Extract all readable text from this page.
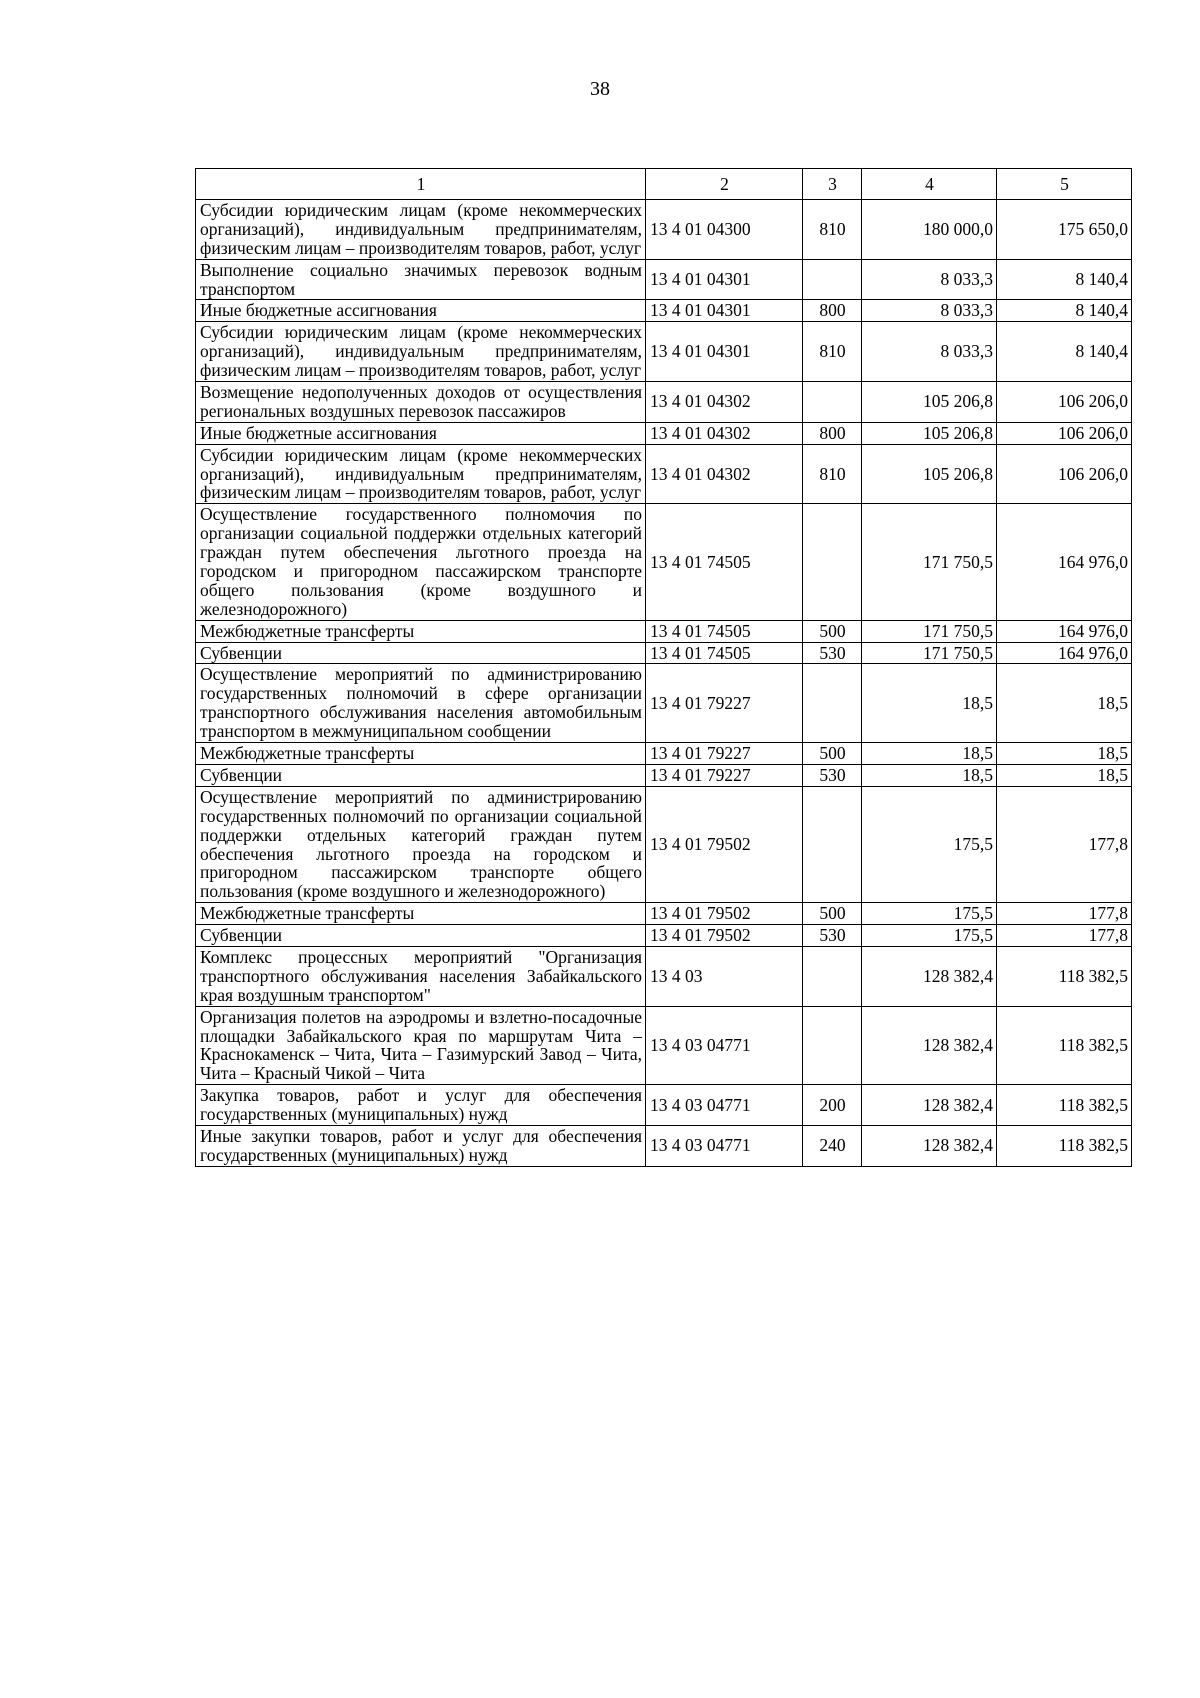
38
1	2	3	4	5
Субсидии юридическим лицам (кроме некоммерческих организаций), индивидуальным предпринимателям, физическим лицам – производителям товаров, работ, услуг	13 4 01 04300	810	180 000,0	175 650,0
Выполнение социально значимых перевозок водным транспортом	13 4 01 04301		8 033,3	8 140,4
Иные бюджетные ассигнования	13 4 01 04301	800	8 033,3	8 140,4
Субсидии юридическим лицам (кроме некоммерческих организаций), индивидуальным предпринимателям, физическим лицам – производителям товаров, работ, услуг	13 4 01 04301	810	8 033,3	8 140,4
Возмещение недополученных доходов от осуществления региональных воздушных перевозок пассажиров	13 4 01 04302		105 206,8	106 206,0
Иные бюджетные ассигнования	13 4 01 04302	800	105 206,8	106 206,0
Субсидии юридическим лицам (кроме некоммерческих организаций), индивидуальным предпринимателям, физическим лицам – производителям товаров, работ, услуг	13 4 01 04302	810	105 206,8	106 206,0
Осуществление государственного полномочия по организации социальной поддержки отдельных категорий граждан путем обеспечения льготного проезда на городском и пригородном пассажирском транспорте общего пользования (кроме воздушного и железнодорожного)	13 4 01 74505		171 750,5	164 976,0
Межбюджетные трансферты	13 4 01 74505	500	171 750,5	164 976,0
Субвенции	13 4 01 74505	530	171 750,5	164 976,0
Осуществление мероприятий по администрированию государственных полномочий в сфере организации транспортного обслуживания населения автомобильным транспортом в межмуниципальном сообщении	13 4 01 79227		18,5	18,5
Межбюджетные трансферты	13 4 01 79227	500	18,5	18,5
Субвенции	13 4 01 79227	530	18,5	18,5
Осуществление мероприятий по администрированию государственных полномочий по организации социальной поддержки отдельных категорий граждан путем обеспечения льготного проезда на городском и пригородном пассажирском транспорте общего пользования (кроме воздушного и железнодорожного)	13 4 01 79502		175,5	177,8
Межбюджетные трансферты	13 4 01 79502	500	175,5	177,8
Субвенции	13 4 01 79502	530	175,5	177,8
Комплекс процессных мероприятий "Организация транспортного обслуживания населения Забайкальского края воздушным транспортом"	13 4 03		128 382,4	118 382,5
Организация полетов на аэродромы и взлетно-посадочные площадки Забайкальского края по маршрутам Чита – Краснокаменск – Чита, Чита – Газимурский Завод – Чита, Чита – Красный Чикой – Чита	13 4 03 04771		128 382,4	118 382,5
Закупка товаров, работ и услуг для обеспечения государственных (муниципальных) нужд	13 4 03 04771	200	128 382,4	118 382,5
Иные закупки товаров, работ и услуг для обеспечения государственных (муниципальных) нужд	13 4 03 04771	240	128 382,4	118 382,5
